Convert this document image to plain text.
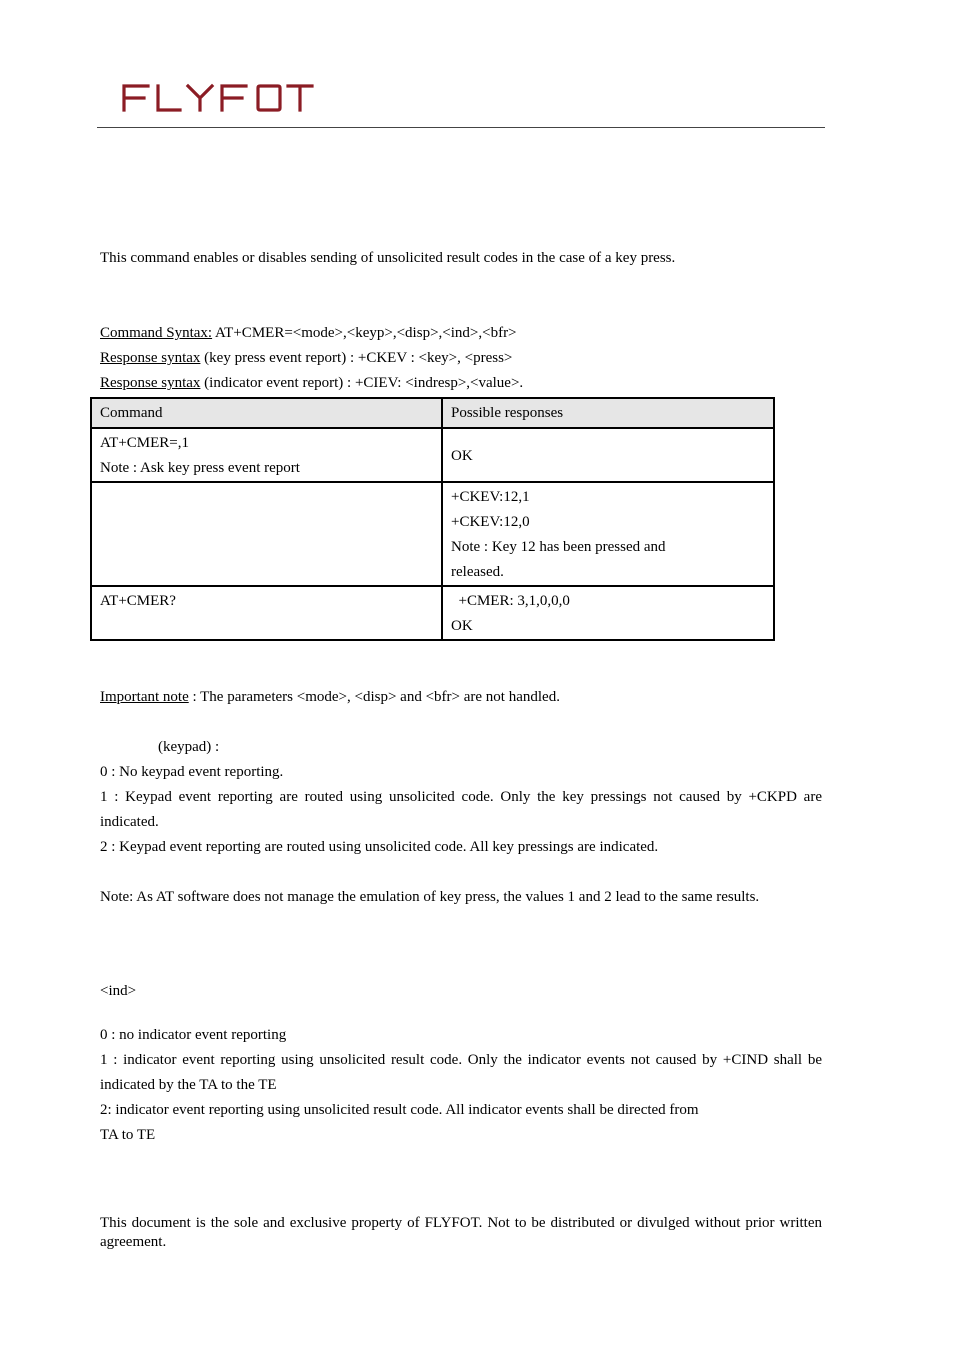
This command enables or disables sending of unsolicited result codes in the case of a key press.
Command Syntax: AT+CMER=<mode>,<keyp>,<disp>,<ind>,<bfr>
Response syntax (key press event report) : +CKEV : <key>, <press>
Response syntax (indicator event report) : +CIEV: <indresp>,<value>.
Command	Possible responses

AT+CMER=,1
Note : Ask key press event report	OK

	+CKEV:12,1
+CKEV:12,0
Note : Key 12 has been pressed and
released.

AT+CMER?	+CMER: 3,1,0,0,0
OK
Important note : The parameters <mode>, <disp> and <bfr> are not handled.
(keypad) :
0 : No keypad event reporting.
1 : Keypad event reporting are routed using unsolicited code. Only the key pressings not caused by +CKPD are indicated.
2 : Keypad event reporting are routed using unsolicited code. All key pressings are indicated.
Note: As AT software does not manage the emulation of key press, the values 1 and 2 lead to the same results.
<ind>
0 : no indicator event reporting
1 : indicator event reporting using unsolicited result code. Only the indicator events not caused by +CIND shall be indicated by the TA to the TE
2: indicator event reporting using unsolicited result code. All indicator events shall be directed from
TA to TE
This document is the sole and exclusive property of FLYFOT. Not to be distributed or divulged without prior written agreement.
